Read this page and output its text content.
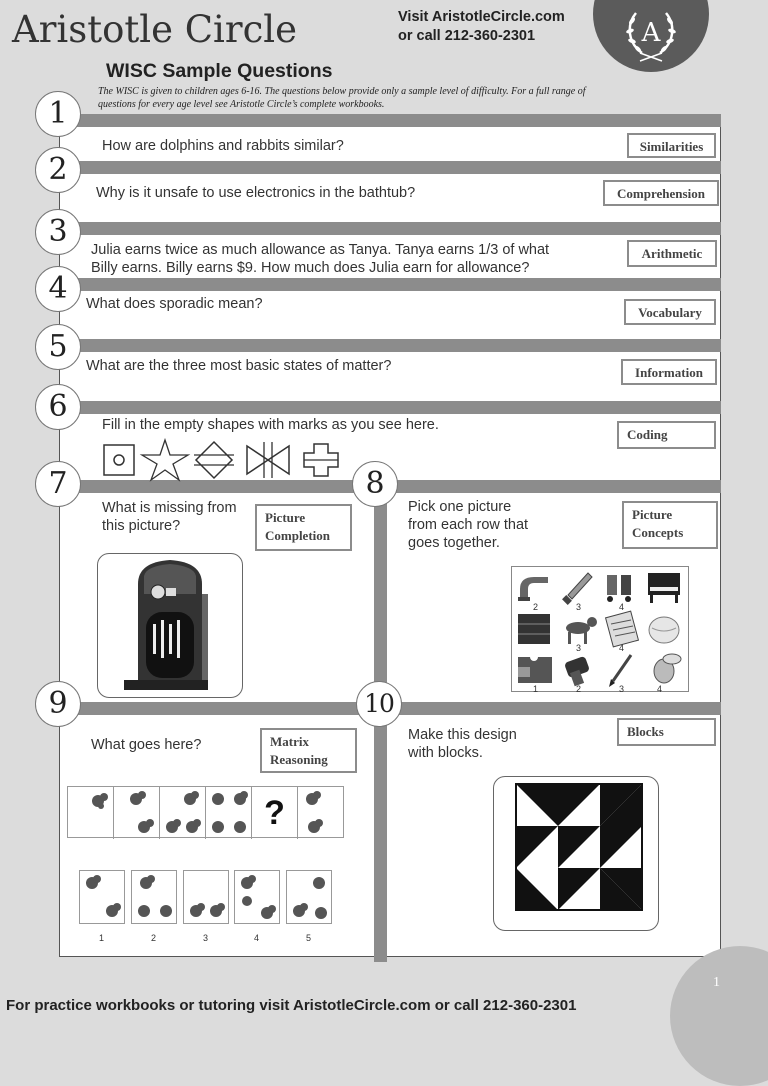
Aristotle Circle	Visit AristotleCircle.com
or call 212-360-2301	A
WISC Sample Questions
The WISC is given to children ages 6-16. The questions below provide only a sample level of difficulty. For a full range of questions for every age level see Aristotle Circle’s complete workbooks.
1
How are dolphins and rabbits similar?	Similarities
2
Why is it unsafe to use electronics in the bathtub?	Comprehension
3
Julia earns twice as much allowance as Tanya. Tanya earns 1/3 of what
Billy earns. Billy earns $9. How much does Julia earn for allowance?
Arithmetic
4	What does sporadic mean?
Vocabulary
5
What are the three most basic states of matter?	Information
6
Fill in the empty shapes with marks as you see here.
Coding
7
What is missing from
this picture?
Picture
Completion
8
Pick one picture
from each row that
goes together.
Picture
Concepts
2	3	4
3	4
1	2	3	4
9
What goes here?	Matrix
Reasoning
?
1	2	3	4	5
10
Make this design
with blocks.
Blocks
For practice workbooks or tutoring visit AristotleCircle.com or call 212-360-2301
1
